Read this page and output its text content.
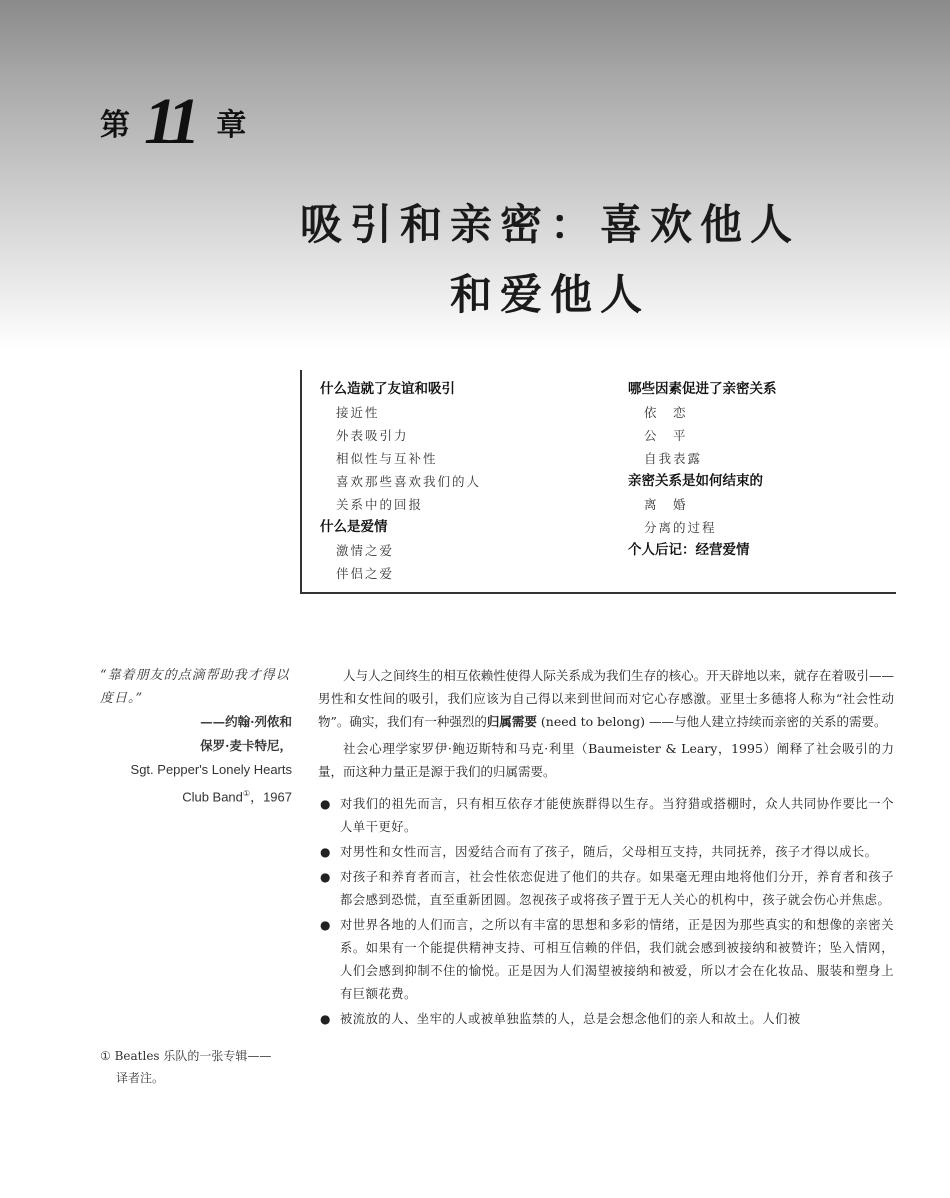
第 11 章
吸引和亲密：喜欢他人
和爱他人
什么造就了友谊和吸引
接近性
外表吸引力
相似性与互补性
喜欢那些喜欢我们的人
关系中的回报
什么是爱情
激情之爱
伴侣之爱
哪些因素促进了亲密关系
依　恋
公　平
自我表露
亲密关系是如何结束的
离　婚
分离的过程
个人后记：经营爱情
“靠着朋友的点滴帮助我才得以度日。”
——约翰·列侬和
保罗·麦卡特尼，
Sgt. Pepper's Lonely Hearts
Club Band①，1967
① Beatles 乐队的一张专辑——
译者注。

人与人之间终生的相互依赖性使得人际关系成为我们生存的核心。开天辟地以来，就存在着吸引——男性和女性间的吸引，我们应该为自己得以来到世间而对它心存感激。亚里士多德将人称为“社会性动物”。确实，我们有一种强烈的归属需要 (need to belong) ——与他人建立持续而亲密的关系的需要。

社会心理学家罗伊·鲍迈斯特和马克·利里（Baumeister & Leary，1995）阐释了社会吸引的力量，而这种力量正是源于我们的归属需要。

● 对我们的祖先而言，只有相互依存才能使族群得以生存。当狩猎或搭棚时，众人共同协作要比一个人单干更好。
● 对男性和女性而言，因爱结合而有了孩子，随后，父母相互支持，共同抚养，孩子才得以成长。
● 对孩子和养育者而言，社会性依恋促进了他们的共存。如果毫无理由地将他们分开，养育者和孩子都会感到恐慌，直至重新团圆。忽视孩子或将孩子置于无人关心的机构中，孩子就会伤心并焦虑。
● 对世界各地的人们而言，之所以有丰富的思想和多彩的情绪，正是因为那些真实的和想像的亲密关系。如果有一个能提供精神支持、可相互信赖的伴侣，我们就会感到被接纳和被赞许；坠入情网，人们会感到抑制不住的愉悦。正是因为人们渴望被接纳和被爱，所以才会在化妆品、服装和塑身上有巨额花费。
● 被流放的人、坐牢的人或被单独监禁的人，总是会想念他们的亲人和故土。人们被
